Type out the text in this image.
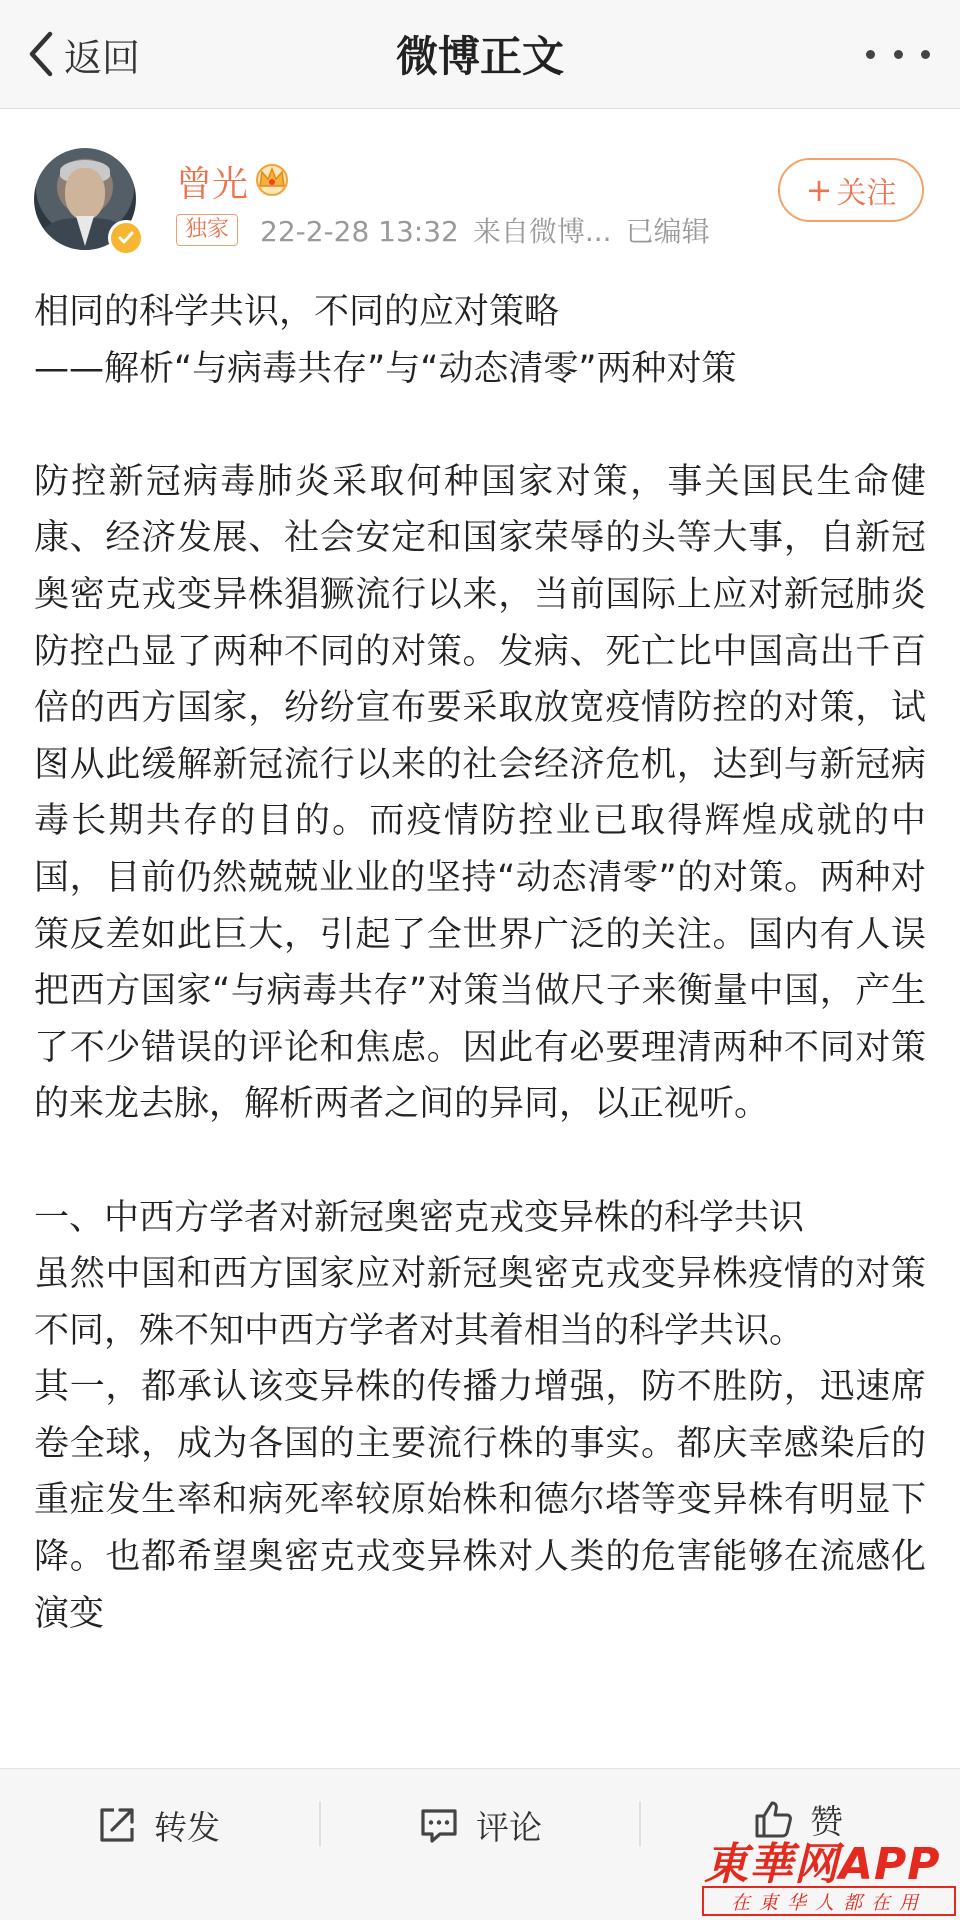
返回	微博正文
曾光
独家	22-2-28 13:32 来自微博... 已编辑
+ 关注

相同的科学共识，不同的应对策略

——解析“与病毒共存”与“动态清零”两种对策

防控新冠病毒肺炎采取何种国家对策，事关国民生命健康、经济发展、社会安定和国家荣辱的头等大事，自新冠奥密克戎变异株猖獗流行以来，当前国际上应对新冠肺炎防控凸显了两种不同的对策。发病、死亡比中国高出千百倍的西方国家，纷纷宣布要采取放宽疫情防控的对策，试图从此缓解新冠流行以来的社会经济危机，达到与新冠病毒长期共存的目的。而疫情防控业已取得辉煌成就的中国，目前仍然兢兢业业的坚持“动态清零”的对策。两种对策反差如此巨大，引起了全世界广泛的关注。国内有人误把西方国家“与病毒共存”对策当做尺子来衡量中国，产生了不少错误的评论和焦虑。因此有必要理清两种不同对策的来龙去脉，解析两者之间的异同，以正视听。

一、中西方学者对新冠奥密克戎变异株的科学共识

虽然中国和西方国家应对新冠奥密克戎变异株疫情的对策不同，殊不知中西方学者对其着相当的科学共识。

其一，都承认该变异株的传播力增强，防不胜防，迅速席卷全球，成为各国的主要流行株的事实。都庆幸感染后的重症发生率和病死率较原始株和德尔塔等变异株有明显下降。也都希望奥密克戎变异株对人类的危害能够在流感化演变

转发	评论	赞
東華网APP
在東华人都在用
